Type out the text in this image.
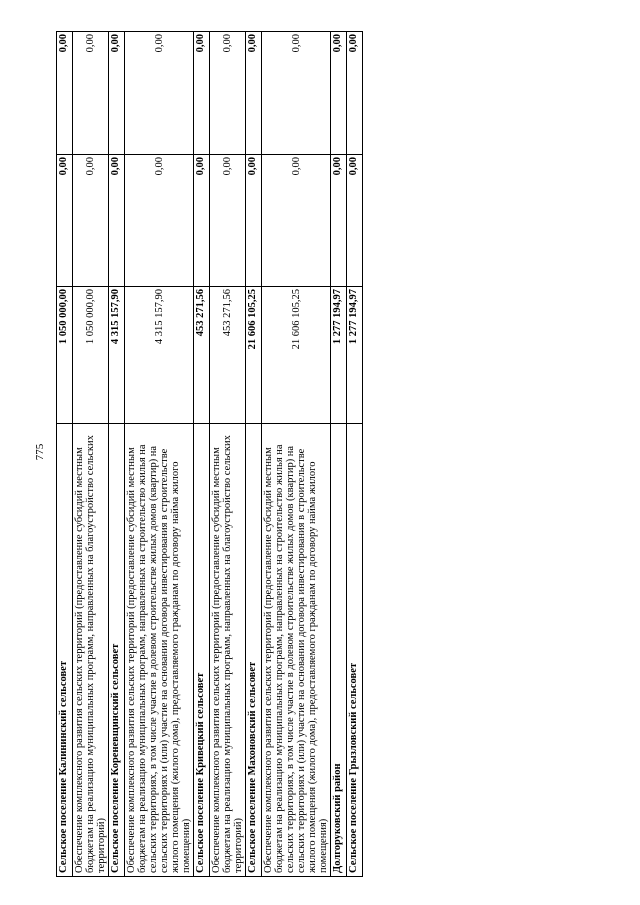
775
Сельское поселение Калининский сельсовет	1 050 000,00	0,00	0,00
Обеспечение комплексного развития сельских территорий (предоставление субсидий местным бюджетам на реализацию муниципальных программ, направленных на благоустройство сельских территорий)	1 050 000,00	0,00	0,00
Сельское поселение Кореневщинский сельсовет	4 315 157,90	0,00	0,00
Обеспечение комплексного развития сельских территорий (предоставление субсидий местным бюджетам на реализацию муниципальных программ, направленных на строительство жилья на сельских территориях, в том числе участие в долевом строительстве жилых домов (квартир) на сельских территориях и (или) участие на основании договора инвестирования в строительстве жилого помещения (жилого дома), предоставляемого гражданам по договору найма жилого помещения)	4 315 157,90	0,00	0,00
Сельское поселение Кривецкий сельсовет	453 271,56	0,00	0,00
Обеспечение комплексного развития сельских территорий (предоставление субсидий местным бюджетам на реализацию муниципальных программ, направленных на благоустройство сельских территорий)	453 271,56	0,00	0,00
Сельское поселение Махоновский сельсовет	21 606 105,25	0,00	0,00
Обеспечение комплексного развития сельских территорий (предоставление субсидий местным бюджетам на реализацию муниципальных программ, направленных на строительство жилья на сельских территориях, в том числе участие в долевом строительстве жилых домов (квартир) на сельских территориях и (или) участие на основании договора инвестирования в строительстве жилого помещения (жилого дома), предоставляемого гражданам по договору найма жилого помещения)	21 606 105,25	0,00	0,00
Долгоруковский район	1 277 194,97	0,00	0,00
Сельское поселение Грызловский сельсовет	1 277 194,97	0,00	0,00
